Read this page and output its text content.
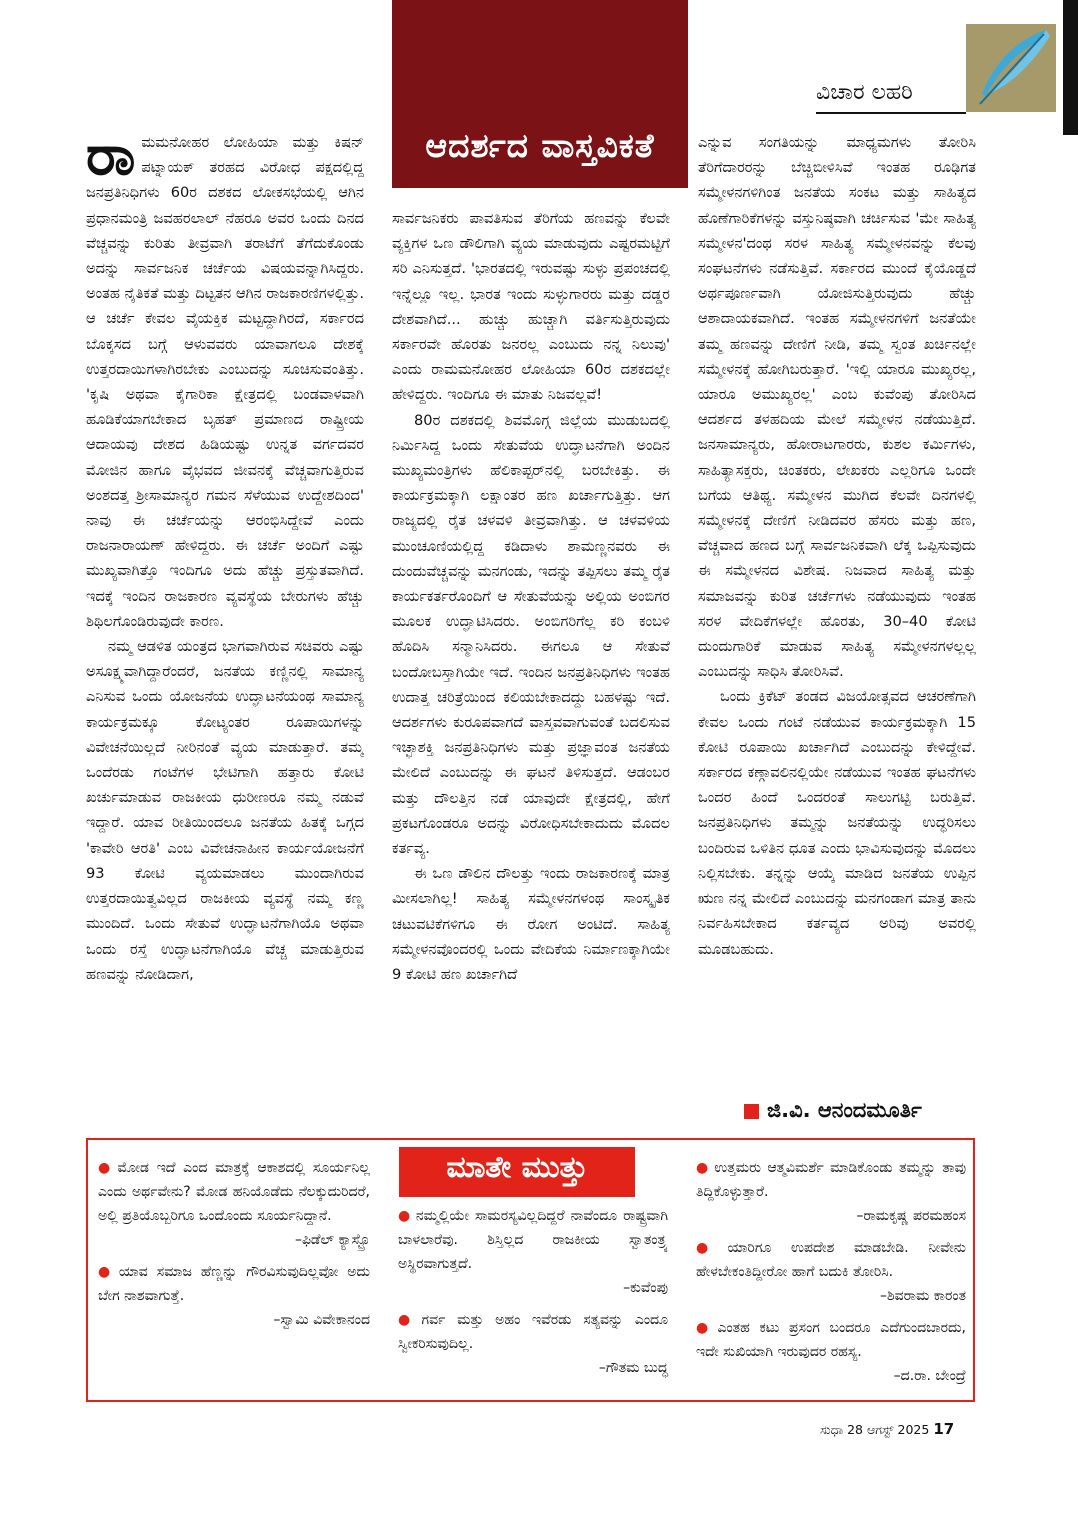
ಆದರ್ಶದ ವಾಸ್ತವಿಕತೆ
ವಿಚಾರ ಲಹರಿ
ರಾ ಮಮನೋಹರ ಲೋಹಿಯಾ ಮತ್ತು ಕಿಷನ್ ಪಟ್ನಾಯಕ್ ತರಹದ ವಿರೋಧ ಪಕ್ಷದಲ್ಲಿದ್ದ ಜನಪ್ರತಿನಿಧಿಗಳು 60ರ ದಶಕದ ಲೋಕಸಭೆಯಲ್ಲಿ ಆಗಿನ ಪ್ರಧಾನಮಂತ್ರಿ ಜವಹರಲಾಲ್ ನೆಹರೂ ಅವರ ಒಂದು ದಿನದ ವೆಚ್ಚವನ್ನು ಕುರಿತು ತೀವ್ರವಾಗಿ ತರಾಟೆಗೆ ತೆಗೆದುಕೊಂಡು ಅದನ್ನು ಸಾರ್ವಜನಿಕ ಚರ್ಚೆಯ ವಿಷಯವನ್ನಾಗಿಸಿದ್ದರು. ಅಂತಹ ನೈತಿಕತೆ ಮತ್ತು ದಿಟ್ಟತನ ಆಗಿನ ರಾಜಕಾರಣಿಗಳಲ್ಲಿತ್ತು. ಆ ಚರ್ಚೆ ಕೇವಲ ವೈಯಕ್ತಿಕ ಮಟ್ಟದ್ದಾಗಿರದೆ, ಸರ್ಕಾರದ ಬೊಕ್ಕಸದ ಬಗ್ಗೆ ಆಳುವವರು ಯಾವಾಗಲೂ ದೇಶಕ್ಕೆ ಉತ್ತರದಾಯಿಗಳಾಗಿರಬೇಕು ಎಂಬುದನ್ನು ಸೂಚಿಸುವಂತಿತ್ತು. 'ಕೃಷಿ ಅಥವಾ ಕೈಗಾರಿಕಾ ಕ್ಷೇತ್ರದಲ್ಲಿ ಬಂಡವಾಳವಾಗಿ ಹೂಡಿಕೆಯಾಗಬೇಕಾದ ಬೃಹತ್ ಪ್ರಮಾಣದ ರಾಷ್ಟ್ರೀಯ ಆದಾಯವು ದೇಶದ ಹಿಡಿಯಷ್ಟು ಉನ್ನತ ವರ್ಗದವರ ಮೋಜಿನ ಹಾಗೂ ವೈಭವದ ಜೀವನಕ್ಕೆ ವೆಚ್ಚವಾಗುತ್ತಿರುವ ಅಂಶದತ್ತ ಶ್ರೀಸಾಮಾನ್ಯರ ಗಮನ ಸೆಳೆಯುವ ಉದ್ದೇಶದಿಂದ' ನಾವು ಈ ಚರ್ಚೆಯನ್ನು ಆರಂಭಿಸಿದ್ದೇವೆ ಎಂದು ರಾಜನಾರಾಯಣ್ ಹೇಳಿದ್ದರು. ಈ ಚರ್ಚೆ ಅಂದಿಗೆ ಎಷ್ಟು ಮುಖ್ಯವಾಗಿತ್ತೊ ಇಂದಿಗೂ ಅದು ಹೆಚ್ಚು ಪ್ರಸ್ತುತವಾಗಿದೆ. ಇದಕ್ಕೆ ಇಂದಿನ ರಾಜಕಾರಣ ವ್ಯವಸ್ಥೆಯ ಬೇರುಗಳು ಹೆಚ್ಚು ಶಿಥಿಲಗೊಂಡಿರುವುದೇ ಕಾರಣ.

ನಮ್ಮ ಆಡಳಿತ ಯಂತ್ರದ ಭಾಗವಾಗಿರುವ ಸಚಿವರು ಎಷ್ಟು ಅಸೂಕ್ಷ್ಮವಾಗಿದ್ದಾರೆಂದರೆ, ಜನತೆಯ ಕಣ್ಣಿನಲ್ಲಿ ಸಾಮಾನ್ಯ ಎನಿಸುವ ಒಂದು ಯೋಜನೆಯ ಉದ್ಘಾಟನೆಯಂಥ ಸಾಮಾನ್ಯ ಕಾರ್ಯಕ್ರಮಕ್ಕೂ ಕೋಟ್ಯಂತರ ರೂಪಾಯಿಗಳನ್ನು ವಿವೇಚನೆಯಿಲ್ಲದೆ ನೀರಿನಂತೆ ವ್ಯಯ ಮಾಡುತ್ತಾರೆ. ತಮ್ಮ ಒಂದೆರಡು ಗಂಟೆಗಳ ಭೇಟಿಗಾಗಿ ಹತ್ತಾರು ಕೋಟಿ ಖರ್ಚುಮಾಡುವ ರಾಜಕೀಯ ಧುರೀಣರೂ ನಮ್ಮ ನಡುವೆ ಇದ್ದಾರೆ. ಯಾವ ರೀತಿಯಿಂದಲೂ ಜನತೆಯ ಹಿತಕ್ಕೆ ಒಗ್ಗದ 'ಕಾವೇರಿ ಆರತಿ' ಎಂಬ ವಿವೇಚನಾಹೀನ ಕಾರ್ಯಯೋಜನೆಗೆ 93 ಕೋಟಿ ವ್ಯಯಮಾಡಲು ಮುಂದಾಗಿರುವ ಉತ್ತರದಾಯಿತ್ವವಿಲ್ಲದ ರಾಜಕೀಯ ವ್ಯವಸ್ಥೆ ನಮ್ಮ ಕಣ್ಣ ಮುಂದಿದೆ. ಒಂದು ಸೇತುವೆ ಉದ್ಘಾಟನೆಗಾಗಿಯೊ ಅಥವಾ ಒಂದು ರಸ್ತೆ ಉದ್ಘಾಟನೆಗಾಗಿಯೊ ವೆಚ್ಚ ಮಾಡುತ್ತಿರುವ ಹಣವನ್ನು ನೋಡಿದಾಗ,

ಸಾರ್ವಜನಿಕರು ಪಾವತಿಸುವ ತೆರಿಗೆಯ ಹಣವನ್ನು ಕೆಲವೇ ವ್ಯಕ್ತಿಗಳ ಒಣ ಡೌಲಿಗಾಗಿ ವ್ಯಯ ಮಾಡುವುದು ಎಷ್ಟರಮಟ್ಟಿಗೆ ಸರಿ ಎನಿಸುತ್ತದೆ. 'ಭಾರತದಲ್ಲಿ ಇರುವಷ್ಟು ಸುಳ್ಳು ಪ್ರಪಂಚದಲ್ಲಿ ಇನ್ನೆಲ್ಲೂ ಇಲ್ಲ. ಭಾರತ ಇಂದು ಸುಳ್ಳುಗಾರರು ಮತ್ತು ದಡ್ಡರ ದೇಶವಾಗಿದೆ... ಹುಚ್ಚು ಹುಚ್ಚಾಗಿ ವರ್ತಿಸುತ್ತಿರುವುದು ಸರ್ಕಾರವೇ ಹೊರತು ಜನರಲ್ಲ ಎಂಬುದು ನನ್ನ ನಿಲುವು' ಎಂದು ರಾಮಮನೋಹರ ಲೋಹಿಯಾ 60ರ ದಶಕದಲ್ಲೇ ಹೇಳಿದ್ದರು. ಇಂದಿಗೂ ಈ ಮಾತು ನಿಜವಲ್ಲವೆ!

80ರ ದಶಕದಲ್ಲಿ ಶಿವಮೊಗ್ಗ ಜಿಲ್ಲೆಯ ಮುಡುಬದಲ್ಲಿ ನಿರ್ಮಿಸಿದ್ದ ಒಂದು ಸೇತುವೆಯ ಉದ್ಘಾಟನೆಗಾಗಿ ಅಂದಿನ ಮುಖ್ಯಮಂತ್ರಿಗಳು ಹೆಲಿಕಾಪ್ಟರ್‌ನಲ್ಲಿ ಬರಬೇಕಿತ್ತು. ಈ ಕಾರ್ಯಕ್ರಮಕ್ಕಾಗಿ ಲಕ್ಷಾಂತರ ಹಣ ಖರ್ಚಾಗುತ್ತಿತ್ತು. ಆಗ ರಾಜ್ಯದಲ್ಲಿ ರೈತ ಚಳವಳಿ ತೀವ್ರವಾಗಿತ್ತು. ಆ ಚಳವಳಿಯ ಮುಂಚೂಣಿಯಲ್ಲಿದ್ದ ಕಡಿದಾಳು ಶಾಮಣ್ಣನವರು ಈ ದುಂದುವೆಚ್ಚವನ್ನು ಮನಗಂಡು, ಇದನ್ನು ತಪ್ಪಿಸಲು ತಮ್ಮ ರೈತ ಕಾರ್ಯಕರ್ತರೊಂದಿಗೆ ಆ ಸೇತುವೆಯನ್ನು ಅಲ್ಲಿಯ ಅಂಬಿಗರ ಮೂಲಕ ಉದ್ಘಾಟಿಸಿದರು. ಅಂಬಿಗರಿಗೆಲ್ಲ ಕರಿ ಕಂಬಳಿ ಹೊದಿಸಿ ಸನ್ಮಾನಿಸಿದರು. ಈಗಲೂ ಆ ಸೇತುವೆ ಬಂದೋಬಸ್ತಾಗಿಯೇ ಇದೆ. ಇಂದಿನ ಜನಪ್ರತಿನಿಧಿಗಳು ಇಂತಹ ಉದಾತ್ತ ಚರಿತ್ರೆಯಿಂದ ಕಲಿಯಬೇಕಾದದ್ದು ಬಹಳಷ್ಟು ಇದೆ. ಆದರ್ಶಗಳು ಕುರೂಪವಾಗದೆ ವಾಸ್ತವವಾಗುವಂತೆ ಬದಲಿಸುವ ಇಚ್ಛಾಶಕ್ತಿ ಜನಪ್ರತಿನಿಧಿಗಳು ಮತ್ತು ಪ್ರಜ್ಞಾವಂತ ಜನತೆಯ ಮೇಲಿದೆ ಎಂಬುದನ್ನು ಈ ಘಟನೆ ತಿಳಿಸುತ್ತದೆ. ಆಡಂಬರ ಮತ್ತು ದೌಲತ್ತಿನ ನಡೆ ಯಾವುದೇ ಕ್ಷೇತ್ರದಲ್ಲಿ, ಹೇಗೆ ಪ್ರಕಟಗೊಂಡರೂ ಅದನ್ನು ವಿರೋಧಿಸಬೇಕಾದುದು ಮೊದಲ ಕರ್ತವ್ಯ.

ಈ ಒಣ ಡೌಲಿನ ದೌಲತ್ತು ಇಂದು ರಾಜಕಾರಣಕ್ಕೆ ಮಾತ್ರ ಮೀಸಲಾಗಿಲ್ಲ! ಸಾಹಿತ್ಯ ಸಮ್ಮೇಳನಗಳಂಥ ಸಾಂಸ್ಕೃತಿಕ ಚಟುವಟಿಕೆಗಳಿಗೂ ಈ ರೋಗ ಅಂಟಿದೆ. ಸಾಹಿತ್ಯ ಸಮ್ಮೇಳನವೊಂದರಲ್ಲಿ ಒಂದು ವೇದಿಕೆಯ ನಿರ್ಮಾಣಕ್ಕಾಗಿಯೇ 9 ಕೋಟಿ ಹಣ ಖರ್ಚಾಗಿದೆ

ಎನ್ನುವ ಸಂಗತಿಯನ್ನು ಮಾಧ್ಯಮಗಳು ತೋರಿಸಿ ತೆರಿಗೆದಾರರನ್ನು ಬೆಚ್ಚಿಬೀಳಿಸಿವೆ ಇಂತಹ ರೂಢಿಗತ ಸಮ್ಮೇಳನಗಳಿಗಿಂತ ಜನತೆಯ ಸಂಕಟ ಮತ್ತು ಸಾಹಿತ್ಯದ ಹೊಣೆಗಾರಿಕೆಗಳನ್ನು ವಸ್ತುನಿಷ್ಠವಾಗಿ ಚರ್ಚಿಸುವ 'ಮೇ ಸಾಹಿತ್ಯ ಸಮ್ಮೇಳನ'ದಂಥ ಸರಳ ಸಾಹಿತ್ಯ ಸಮ್ಮೇಳನವನ್ನು ಕೆಲವು ಸಂಘಟನೆಗಳು ನಡೆಸುತ್ತಿವೆ. ಸರ್ಕಾರದ ಮುಂದೆ ಕೈಯೊಡ್ಡದೆ ಅರ್ಥಪೂರ್ಣವಾಗಿ ಯೋಜಿಸುತ್ತಿರುವುದು ಹೆಚ್ಚು ಆಶಾದಾಯಕವಾಗಿದೆ. ಇಂತಹ ಸಮ್ಮೇಳನಗಳಿಗೆ ಜನತೆಯೇ ತಮ್ಮ ಹಣವನ್ನು ದೇಣಿಗೆ ನೀಡಿ, ತಮ್ಮ ಸ್ವಂತ ಖರ್ಚಿನಲ್ಲೇ ಸಮ್ಮೇಳನಕ್ಕೆ ಹೋಗಿಬರುತ್ತಾರೆ. 'ಇಲ್ಲಿ ಯಾರೂ ಮುಖ್ಯರಲ್ಲ, ಯಾರೂ ಅಮುಖ್ಯರಲ್ಲ' ಎಂಬ ಕುವೆಂಪು ತೋರಿಸಿದ ಆದರ್ಶದ ತಳಹದಿಯ ಮೇಲೆ ಸಮ್ಮೇಳನ ನಡೆಯುತ್ತಿದೆ. ಜನಸಾಮಾನ್ಯರು, ಹೋರಾಟಗಾರರು, ಕುಶಲ ಕರ್ಮಿಗಳು, ಸಾಹಿತ್ಯಾಸಕ್ತರು, ಚಿಂತಕರು, ಲೇಖಕರು ಎಲ್ಲರಿಗೂ ಒಂದೇ ಬಗೆಯ ಆತಿಥ್ಯ. ಸಮ್ಮೇಳನ ಮುಗಿದ ಕೆಲವೇ ದಿನಗಳಲ್ಲಿ ಸಮ್ಮೇಳನಕ್ಕೆ ದೇಣಿಗೆ ನೀಡಿದವರ ಹೆಸರು ಮತ್ತು ಹಣ, ವೆಚ್ಚವಾದ ಹಣದ ಬಗ್ಗೆ ಸಾರ್ವಜನಿಕವಾಗಿ ಲೆಕ್ಕ ಒಪ್ಪಿಸುವುದು ಈ ಸಮ್ಮೇಳನದ ವಿಶೇಷ. ನಿಜವಾದ ಸಾಹಿತ್ಯ ಮತ್ತು ಸಮಾಜವನ್ನು ಕುರಿತ ಚರ್ಚೆಗಳು ನಡೆಯುವುದು ಇಂತಹ ಸರಳ ವೇದಿಕೆಗಳಲ್ಲೇ ಹೊರತು, 30–40 ಕೋಟಿ ದುಂದುಗಾರಿಕೆ ಮಾಡುವ ಸಾಹಿತ್ಯ ಸಮ್ಮೇಳನಗಳಲ್ಲಲ್ಲ ಎಂಬುದನ್ನು ಸಾಧಿಸಿ ತೋರಿಸಿವೆ.

ಒಂದು ಕ್ರಿಕೆಟ್ ತಂಡದ ವಿಜಯೋತ್ಸವದ ಆಚರಣೆಗಾಗಿ ಕೇವಲ ಒಂದು ಗಂಟೆ ನಡೆಯುವ ಕಾರ್ಯಕ್ರಮಕ್ಕಾಗಿ 15 ಕೋಟಿ ರೂಪಾಯಿ ಖರ್ಚಾಗಿದೆ ಎಂಬುದನ್ನು ಕೇಳಿದ್ದೇವೆ. ಸರ್ಕಾರದ ಕಣ್ಗಾವಲಿನಲ್ಲಿಯೇ ನಡೆಯುವ ಇಂತಹ ಘಟನೆಗಳು ಒಂದರ ಹಿಂದೆ ಒಂದರಂತೆ ಸಾಲುಗಟ್ಟಿ ಬರುತ್ತಿವೆ. ಜನಪ್ರತಿನಿಧಿಗಳು ತಮ್ಮನ್ನು ಜನತೆಯನ್ನು ಉದ್ಧರಿಸಲು ಬಂದಿರುವ ಒಳಿತಿನ ಧೂತ ಎಂದು ಭಾವಿಸುವುದನ್ನು ಮೊದಲು ನಿಲ್ಲಿಸಬೇಕು. ತನ್ನನ್ನು ಆಯ್ಕೆ ಮಾಡಿದ ಜನತೆಯ ಉಪ್ಪಿನ ಋಣ ನನ್ನ ಮೇಲಿದೆ ಎಂಬುದನ್ನು ಮನಗಂಡಾಗ ಮಾತ್ರ ತಾನು ನಿರ್ವಹಿಸಬೇಕಾದ ಕರ್ತವ್ಯದ ಅರಿವು ಅವರಲ್ಲಿ ಮೂಡಬಹುದು.

ಜಿ.ವಿ. ಆನಂದಮೂರ್ತಿ
ಮಾತೇ ಮುತ್ತು
● ಮೋಡ ಇದೆ ಎಂದ ಮಾತ್ರಕ್ಕೆ ಆಕಾಶದಲ್ಲಿ ಸೂರ್ಯನಿಲ್ಲ ಎಂದು ಅರ್ಥವೇನು? ಮೋಡ ಹನಿಯೊಡೆದು ನೆಲಕ್ಕುದುರಿದರೆ, ಅಲ್ಲಿ ಪ್ರತಿಯೊಬ್ಬರಿಗೂ ಒಂದೊಂದು ಸೂರ್ಯನಿದ್ದಾನೆ.
–ಫಿಡೆಲ್ ಕ್ಯಾಸ್ಟ್ರೊ
● ಯಾವ ಸಮಾಜ ಹೆಣ್ಣನ್ನು ಗೌರವಿಸುವುದಿಲ್ಲವೋ ಅದು ಬೇಗ ನಾಶವಾಗುತ್ತೆ.
–ಸ್ವಾಮಿ ವಿವೇಕಾನಂದ
● ನಮ್ಮಲ್ಲಿಯೇ ಸಾಮರಸ್ಯವಿಲ್ಲದಿದ್ದರೆ ನಾವೆಂದೂ ರಾಷ್ಟ್ರವಾಗಿ ಬಾಳಲಾರೆವು. ಶಿಸ್ತಿಲ್ಲದ ರಾಜಕೀಯ ಸ್ವಾತಂತ್ರ್ಯ ಅಸ್ಥಿರವಾಗುತ್ತದೆ.
–ಕುವೆಂಪು
● ಗರ್ವ ಮತ್ತು ಅಹಂ ಇವೆರಡು ಸತ್ಯವನ್ನು ಎಂದೂ ಸ್ವೀಕರಿಸುವುದಿಲ್ಲ.
–ಗೌತಮ ಬುದ್ಧ
● ಉತ್ತಮರು ಆತ್ಮವಿಮರ್ಶೆ ಮಾಡಿಕೊಂಡು ತಮ್ಮನ್ನು ತಾವು ತಿದ್ದಿಕೊಳ್ಳುತ್ತಾರೆ.
–ರಾಮಕೃಷ್ಣ ಪರಮಹಂಸ
● ಯಾರಿಗೂ ಉಪದೇಶ ಮಾಡಬೇಡಿ. ನೀವೇನು ಹೇಳಬೇಕಂತಿದ್ದೀರೋ ಹಾಗೆ ಬದುಕಿ ತೋರಿಸಿ.
–ಶಿವರಾಮ ಕಾರಂತ
● ಎಂತಹ ಕಟು ಪ್ರಸಂಗ ಬಂದರೂ ಎದೆಗುಂದಬಾರದು, ಇದೇ ಸುಖಿಯಾಗಿ ಇರುವುದರ ರಹಸ್ಯ.
–ದ.ರಾ. ಬೇಂದ್ರೆ
ಸುಧಾ 28 ಆಗಸ್ಟ್ 2025 17
